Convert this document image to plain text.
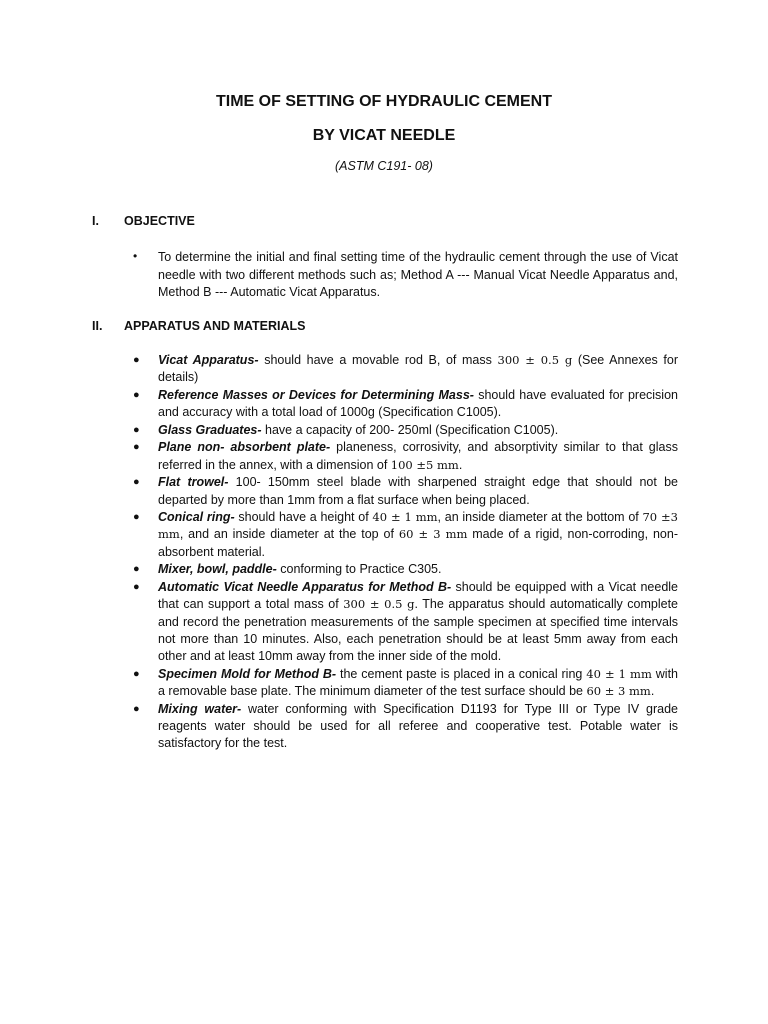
TIME OF SETTING OF HYDRAULIC CEMENT
BY VICAT NEEDLE
(ASTM C191- 08)
I. OBJECTIVE
• To determine the initial and final setting time of the hydraulic cement through the use of Vicat needle with two different methods such as; Method A --- Manual Vicat Needle Apparatus and, Method B --- Automatic Vicat Apparatus.
II. APPARATUS AND MATERIALS
● Vicat Apparatus- should have a movable rod B, of mass 300 ± 0.5 g (See Annexes for details)
● Reference Masses or Devices for Determining Mass- should have evaluated for precision and accuracy with a total load of 1000g (Specification C1005).
● Glass Graduates- have a capacity of 200- 250ml (Specification C1005).
● Plane non- absorbent plate- planeness, corrosivity, and absorptivity similar to that glass referred in the annex, with a dimension of 100 ±5 mm.
● Flat trowel- 100- 150mm steel blade with sharpened straight edge that should not be departed by more than 1mm from a flat surface when being placed.
● Conical ring- should have a height of 40 ± 1 mm, an inside diameter at the bottom of 70 ±3 mm, and an inside diameter at the top of 60 ± 3 mm made of a rigid, non-corroding, non- absorbent material.
● Mixer, bowl, paddle- conforming to Practice C305.
● Automatic Vicat Needle Apparatus for Method B- should be equipped with a Vicat needle that can support a total mass of 300 ± 0.5 g. The apparatus should automatically complete and record the penetration measurements of the sample specimen at specified time intervals not more than 10 minutes. Also, each penetration should be at least 5mm away from each other and at least 10mm away from the inner side of the mold.
● Specimen Mold for Method B- the cement paste is placed in a conical ring 40 ± 1 mm with a removable base plate. The minimum diameter of the test surface should be 60 ± 3 mm.
● Mixing water- water conforming with Specification D1193 for Type III or Type IV grade reagents water should be used for all referee and cooperative test. Potable water is satisfactory for the test.
